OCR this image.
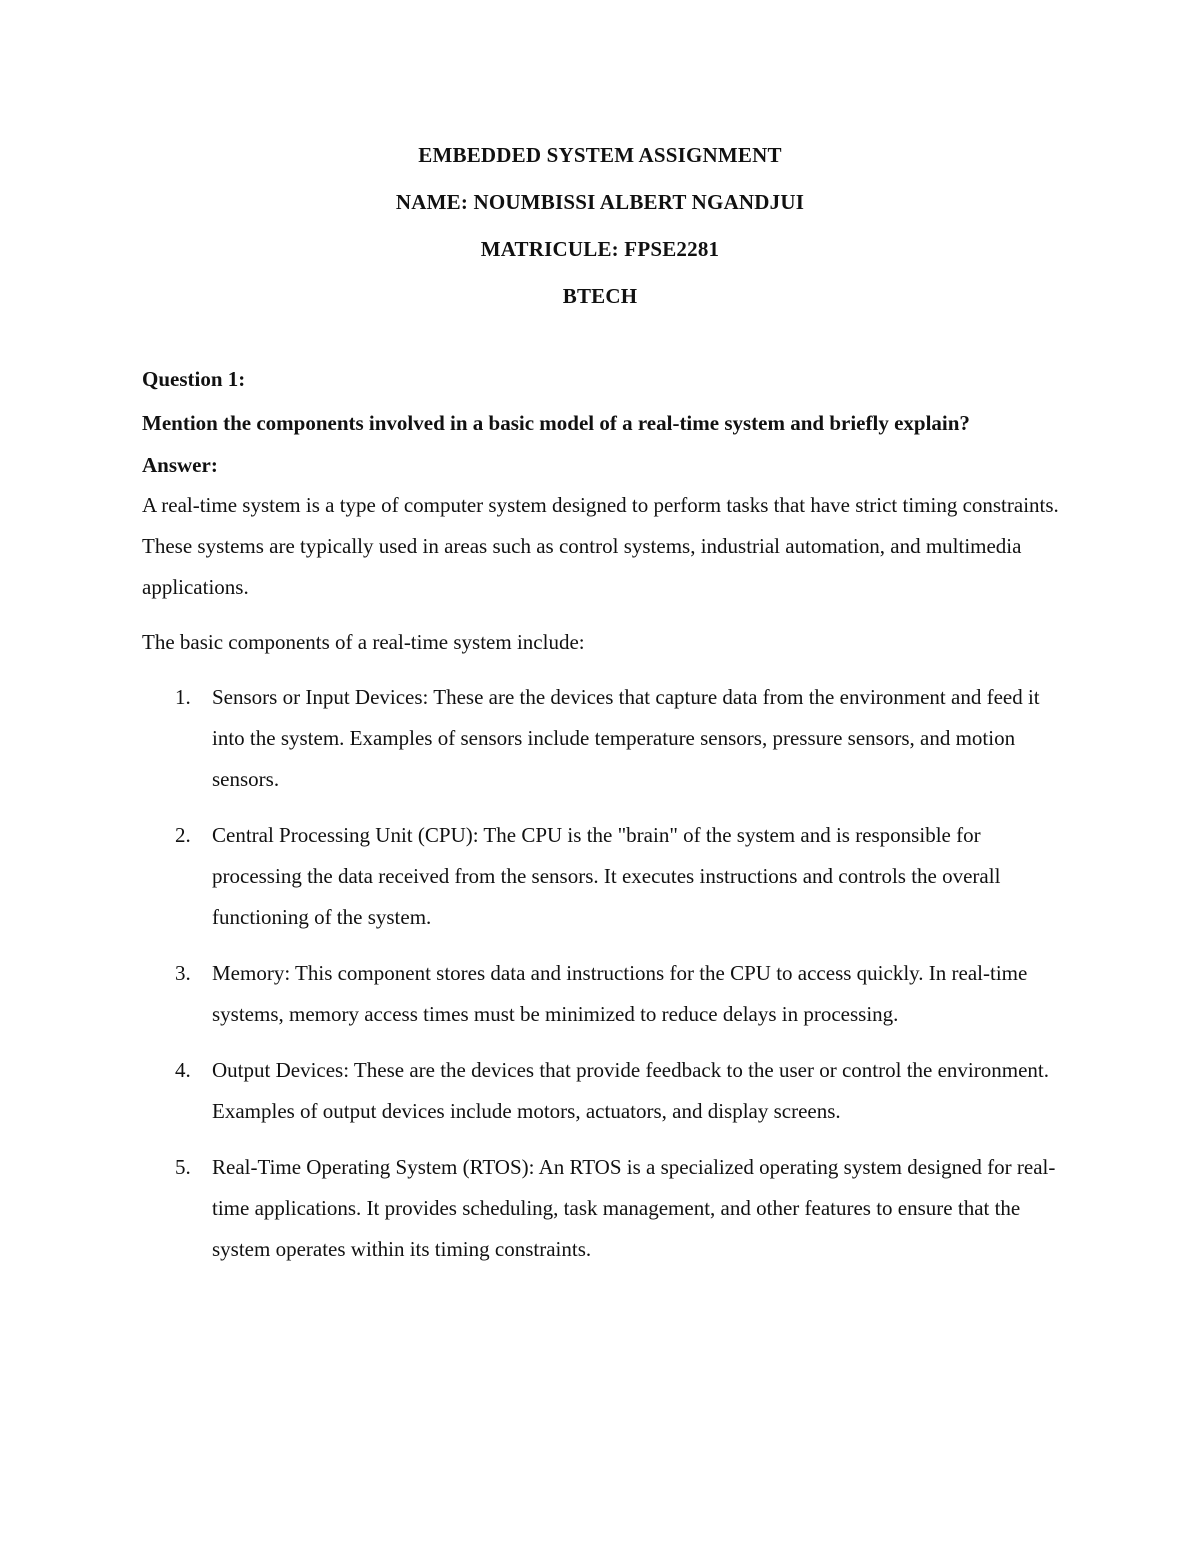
EMBEDDED SYSTEM ASSIGNMENT
NAME: NOUMBISSI ALBERT NGANDJUI
MATRICULE: FPSE2281
BTECH
Question 1:
Mention the components involved in a basic model of a real-time system and briefly explain?
Answer:
A real-time system is a type of computer system designed to perform tasks that have strict timing constraints. These systems are typically used in areas such as control systems, industrial automation, and multimedia applications.
The basic components of a real-time system include:
1. Sensors or Input Devices: These are the devices that capture data from the environment and feed it into the system. Examples of sensors include temperature sensors, pressure sensors, and motion sensors.
2. Central Processing Unit (CPU): The CPU is the "brain" of the system and is responsible for processing the data received from the sensors. It executes instructions and controls the overall functioning of the system.
3. Memory: This component stores data and instructions for the CPU to access quickly. In real-time systems, memory access times must be minimized to reduce delays in processing.
4. Output Devices: These are the devices that provide feedback to the user or control the environment. Examples of output devices include motors, actuators, and display screens.
5. Real-Time Operating System (RTOS): An RTOS is a specialized operating system designed for real-time applications. It provides scheduling, task management, and other features to ensure that the system operates within its timing constraints.
